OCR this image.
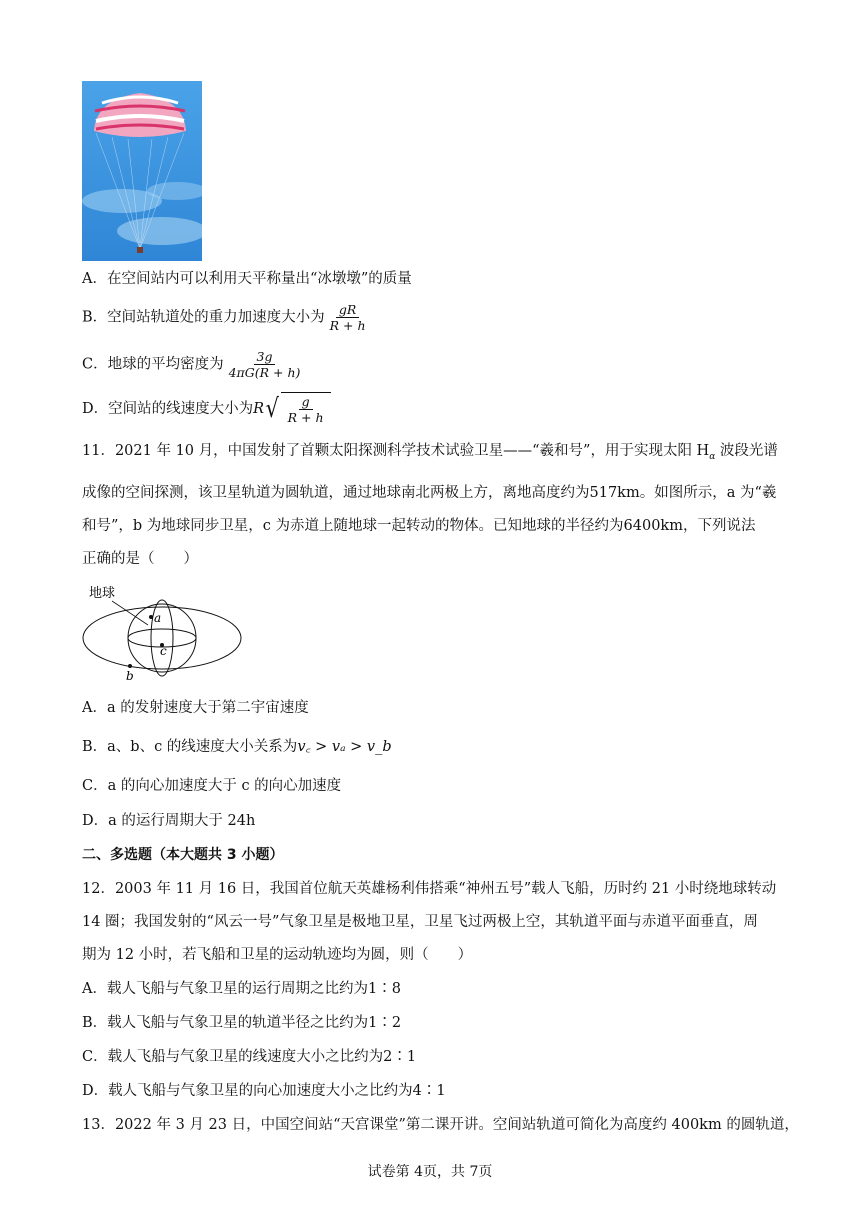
A．在空间站内可以利用天平称量出“冰墩墩”的质量
B．空间站轨道处的重力加速度大小为 $\frac{gR}{R + h}$
C．地球的平均密度为 $\frac{3g}{4\pi G(R + h)}$
D．空间站的线速度大小为R √ $\frac{g}{R + h}$
11．2021 年 10 月，中国发射了首颗太阳探测科学技术试验卫星——“羲和号”，用于实现太阳 $H_\alpha$ 波段光谱
成像的空间探测，该卫星轨道为圆轨道，通过地球南北两极上方，离地高度约为517km。如图所示，a 为“羲
和号”，b 为地球同步卫星，c 为赤道上随地球一起转动的物体。已知地球的半径约为6400km，下列说法
正确的是（　　）
地球
a
c
b
A．a 的发射速度大于第二宇宙速度
B．a、b、c 的线速度大小关系为v꜀ > vₐ > v_b
C．a 的向心加速度大于 c 的向心加速度
D．a 的运行周期大于 24h
二、多选题（本大题共 3 小题）
12．2003 年 11 月 16 日，我国首位航天英雄杨利伟搭乘“神州五号”载人飞船，历时约 21 小时绕地球转动
14 圈；我国发射的“风云一号”气象卫星是极地卫星，卫星飞过两极上空，其轨道平面与赤道平面垂直，周
期为 12 小时，若飞船和卫星的运动轨迹均为圆，则（　　）
A．载人飞船与气象卫星的运行周期之比约为1∶8
B．载人飞船与气象卫星的轨道半径之比约为1∶2
C．载人飞船与气象卫星的线速度大小之比约为2∶1
D．载人飞船与气象卫星的向心加速度大小之比约为4∶1
13．2022 年 3 月 23 日，中国空间站“天宫课堂”第二课开讲。空间站轨道可简化为高度约 400km 的圆轨道，
试卷第 4页，共 7页
